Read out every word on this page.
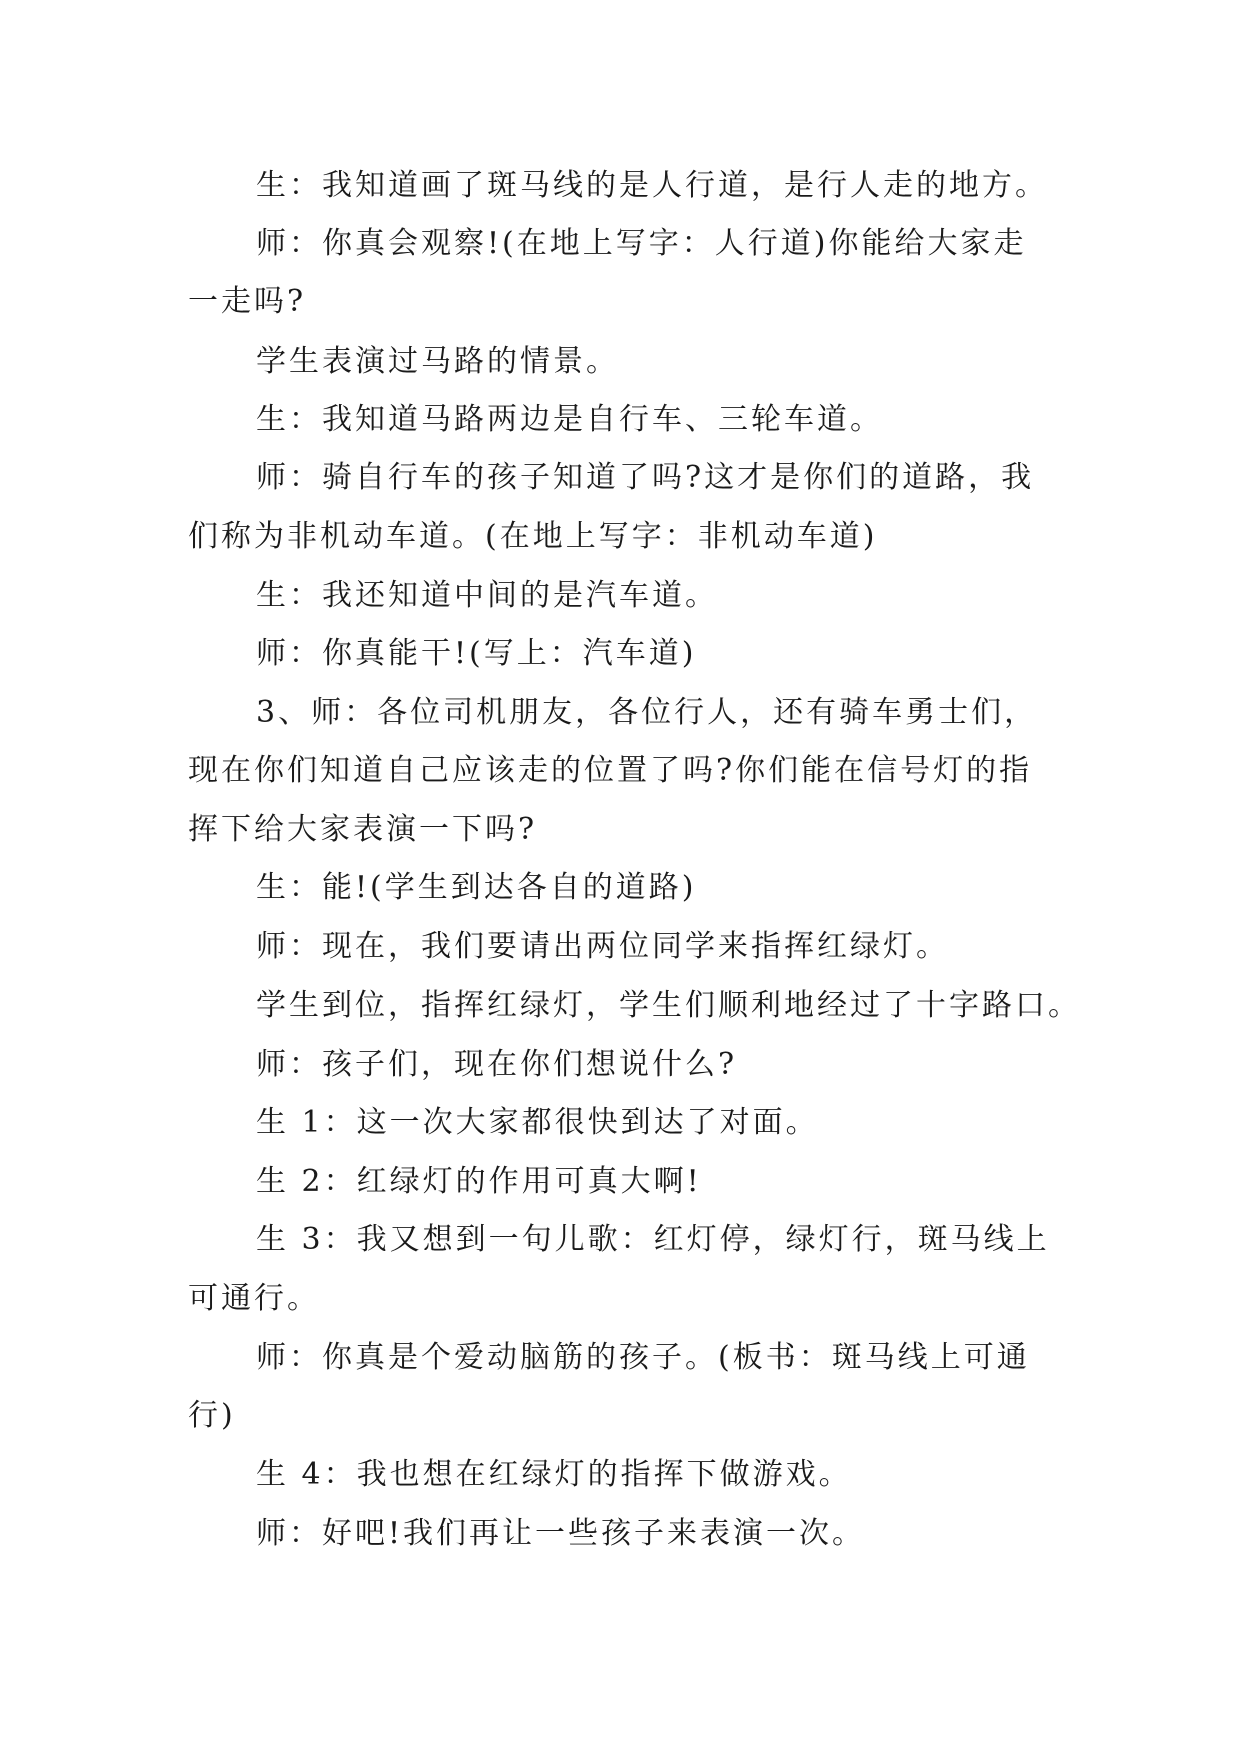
生：我知道画了斑马线的是人行道，是行人走的地方。
师：你真会观察!(在地上写字：人行道)你能给大家走
一走吗?
学生表演过马路的情景。
生：我知道马路两边是自行车、三轮车道。
师：骑自行车的孩子知道了吗?这才是你们的道路，我
们称为非机动车道。(在地上写字：非机动车道)
生：我还知道中间的是汽车道。
师：你真能干!(写上：汽车道)
3、师：各位司机朋友，各位行人，还有骑车勇士们，
现在你们知道自己应该走的位置了吗?你们能在信号灯的指
挥下给大家表演一下吗?
生：能!(学生到达各自的道路)
师：现在，我们要请出两位同学来指挥红绿灯。
学生到位，指挥红绿灯，学生们顺利地经过了十字路口。
师：孩子们，现在你们想说什么?
生 1：这一次大家都很快到达了对面。
生 2：红绿灯的作用可真大啊!
生 3：我又想到一句儿歌：红灯停，绿灯行，斑马线上
可通行。
师：你真是个爱动脑筋的孩子。(板书：斑马线上可通
行)
生 4：我也想在红绿灯的指挥下做游戏。
师：好吧!我们再让一些孩子来表演一次。
